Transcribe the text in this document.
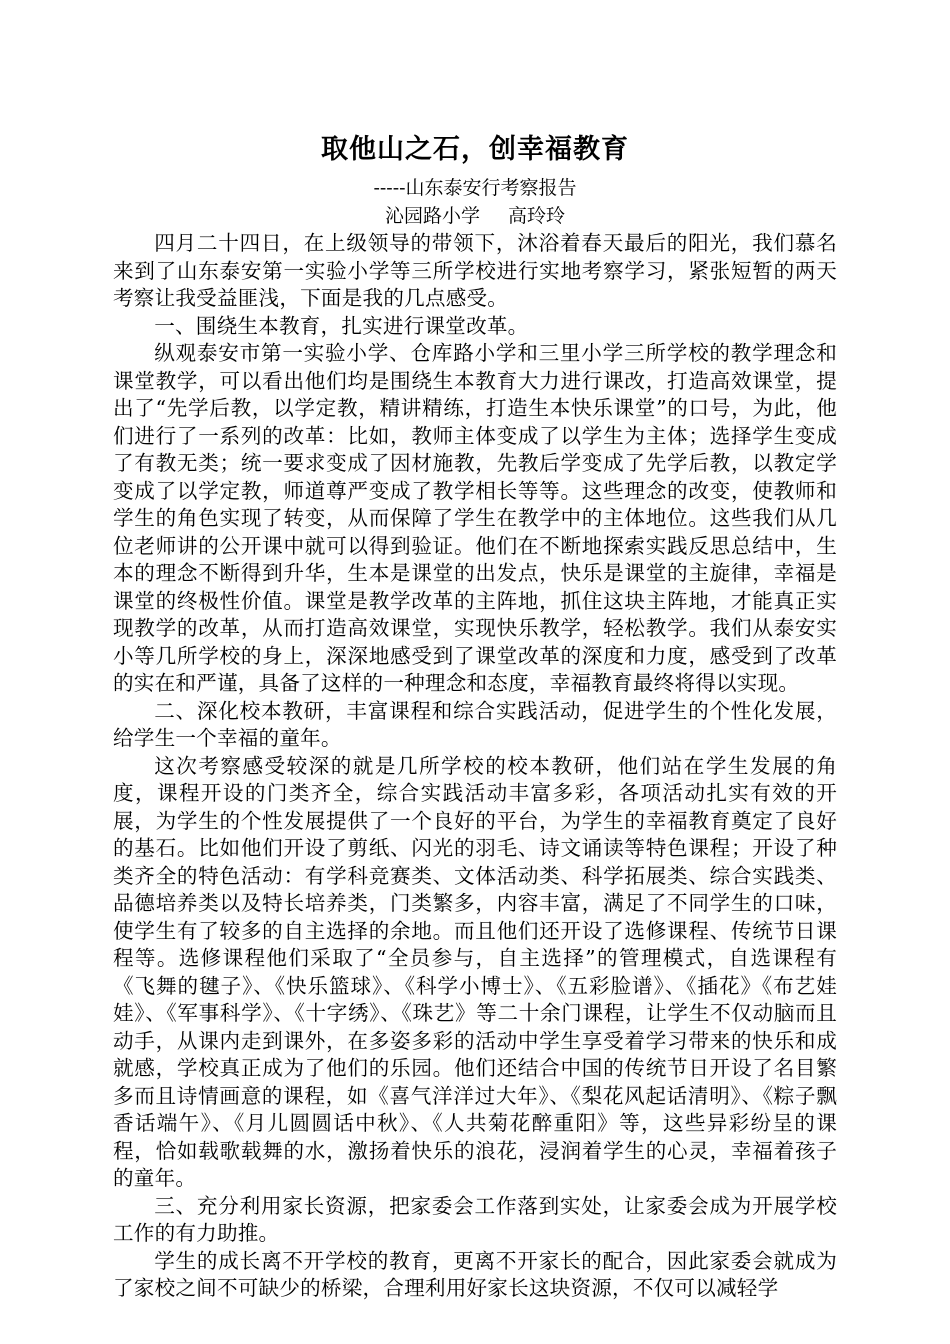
取他山之石，创幸福教育

-----山东泰安行考察报告

沁园路小学 高玲玲

四月二十四日，在上级领导的带领下，沐浴着春天最后的阳光，我们慕名来到了山东泰安第一实验小学等三所学校进行实地考察学习，紧张短暂的两天考察让我受益匪浅，下面是我的几点感受。

一、围绕生本教育，扎实进行课堂改革。

纵观泰安市第一实验小学、仓库路小学和三里小学三所学校的教学理念和课堂教学，可以看出他们均是围绕生本教育大力进行课改，打造高效课堂，提出了“先学后教，以学定教，精讲精练，打造生本快乐课堂”的口号，为此，他们进行了一系列的改革：比如，教师主体变成了以学生为主体；选择学生变成了有教无类；统一要求变成了因材施教，先教后学变成了先学后教，以教定学变成了以学定教，师道尊严变成了教学相长等等。这些理念的改变，使教师和学生的角色实现了转变，从而保障了学生在教学中的主体地位。这些我们从几位老师讲的公开课中就可以得到验证。他们在不断地探索实践反思总结中，生本的理念不断得到升华，生本是课堂的出发点，快乐是课堂的主旋律，幸福是课堂的终极性价值。课堂是教学改革的主阵地，抓住这块主阵地，才能真正实现教学的改革，从而打造高效课堂，实现快乐教学，轻松教学。我们从泰安实小等几所学校的身上，深深地感受到了课堂改革的深度和力度，感受到了改革的实在和严谨，具备了这样的一种理念和态度，幸福教育最终将得以实现。

二、深化校本教研，丰富课程和综合实践活动，促进学生的个性化发展，给学生一个幸福的童年。

这次考察感受较深的就是几所学校的校本教研，他们站在学生发展的角度，课程开设的门类齐全，综合实践活动丰富多彩，各项活动扎实有效的开展，为学生的个性发展提供了一个良好的平台，为学生的幸福教育奠定了良好的基石。比如他们开设了剪纸、闪光的羽毛、诗文诵读等特色课程；开设了种类齐全的特色活动：有学科竞赛类、文体活动类、科学拓展类、综合实践类、品德培养类以及特长培养类，门类繁多，内容丰富，满足了不同学生的口味，使学生有了较多的自主选择的余地。而且他们还开设了选修课程、传统节日课程等。选修课程他们采取了“全员参与，自主选择”的管理模式，自选课程有《飞舞的毽子》、《快乐篮球》、《科学小博士》、《五彩脸谱》、《插花》《布艺娃娃》、《军事科学》、《十字绣》、《珠艺》等二十余门课程，让学生不仅动脑而且动手，从课内走到课外，在多姿多彩的活动中学生享受着学习带来的快乐和成就感，学校真正成为了他们的乐园。他们还结合中国的传统节日开设了名目繁多而且诗情画意的课程，如《喜气洋洋过大年》、《梨花风起话清明》、《粽子飘香话端午》、《月儿圆圆话中秋》、《人共菊花醉重阳》等，这些异彩纷呈的课程，恰如载歌载舞的水，激扬着快乐的浪花，浸润着学生的心灵，幸福着孩子的童年。

三、充分利用家长资源，把家委会工作落到实处，让家委会成为开展学校工作的有力助推。

学生的成长离不开学校的教育，更离不开家长的配合，因此家委会就成为了家校之间不可缺少的桥梁，合理利用好家长这块资源，不仅可以减轻学
